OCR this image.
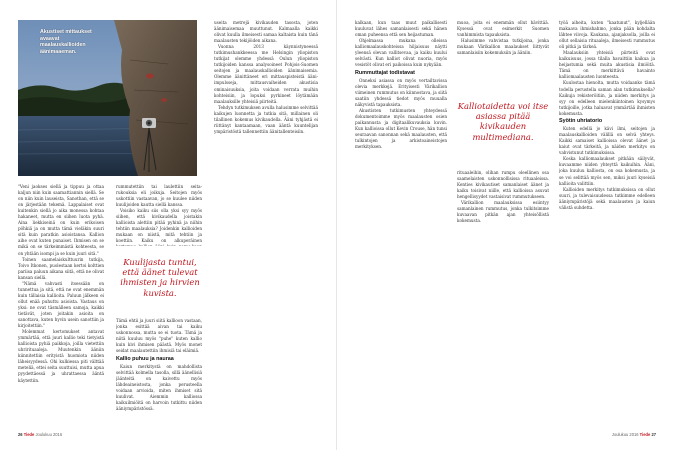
Akustiset mittaukset avaavat maalauskallioiden äänimaaeman.

"Veni jaokses siellä ja tippuu ja ottaa kaljun niin kuin saamattiannin siellä. Se on niin kuin lauseista, Sanothan, että se on järjestään tekemä. Lappalaiset ovat kuitenkin siellä jo aika monessa kohtaa hakaneet, mutta en siihen luota pyhä. Aina liekkiseinä on kuin erikoisen pöhkiä ja on mutta tämä vieläkin suuri sitä kuin paratkin asioistansa. Kallion aihe ovat kuten punaiset. Ihmisen on se mikä on se tärkeimmästä kohteesta, se on yhtään isompi ja se kuin juuri sitä."

Toinen saamelaiskulttuurin tutkija, Toivo Itkonen, puolestaan kertoi kolttien pariisa paluun aikana siitä, että ne olivat kansan siellä.

"Nämä vahvasti itsessään on tunnettua ja sitä, että ne ovat enemmän kuin tällaisia kallioita. Paluun jälkeen ei ollut enää puhuttu asioista. Vastaus on yksi: ne ovat täsmälleen samoja, kaikki tietävät, joten joitakin asioita on sanottava, kuten hyvin usein sanottiin ja kirjoitettiin."

Molemmat kertomukset antavat ymmärtää, että juuri kallio teki tietyistä kallioista pyhiä paikkoja, joilla vietettiin uhrirituaaleja. Muutenkin ääniin kiinnitettiin erityistä huomiota niiden läheisyydessä. Ohi kulkiessa piti välttää meteliä, ettei seita suuttuisi, mutta apua pyydettäessä ja uhrattaessa ääntä käytettiin.

rummutettiin tai laulettiin seita-rukouksia eli joikuja. Seitojen myös uskottiin vastaavan, jo se kuulee niiden kuulijoiden kautta siellä kanssa.

Voisiko kaiku siis olla yksi syy myös siihen, että kivikaudella joistakin kallioista alettiin pitää pyhinä ja niihin tehtiin maalauksia? Joidenkin kallioiden mukaan on niistä, mitä tehtiin ja koettiin. Kaiku on alkuperäinen

Kuulijasta tuntui, että äänet tulevat ihmisten ja hirvien kuvista.

Tämä ehtii ja juuri siitä kallioon vastaan, jonka esittää aivan tai kaiku uskonnossa, mutta se ei tuota. Tämä ja niitä kuuluu myös "puhe" kuten kallio kuin kivi ihmisen päästä. Myös monet seidat maalautettiin ihmisiä tai eläimiä.

Kallio puhuu ja nauraa

Kaiun merkitystä on mahdollista selvittää kolmella tasolla, sillä äänellisiä jäänteitä on kaivettu myös lähdeaineistosta, jonka perusteella voidaan arvioida, miten ihmiset sitä kuulivat. Aiemmin kalliossa kaikuilmiöitä on harvoin tutkittu niiden ääniympäristössä.

useita metrejä kivikauden tasosta, joten äänimaisemaa muuttunut. Kalmaalla kaikki olivat kuulla ilmeisesti samaa kaltaista kuin tänä maalausten tekijöiden aikana.

Vuonna 2013 käynnistyneessä tutkimushankkeessa me Helsingin yliopiston tutkijat olemme yhdessä Oulun yliopiston tutkijoiden kanssa analysoineet Pohjois-Suomen seitojen ja maalauskallioiden äänimaisemia. Olemme äänittäneet eri mittauspisteistä ääni-impulsseja, mittausvaiheiden akustisia ominaisuuksia, joita voidaan verrata muihin kohteisiin, ja lopuksi pyrkineet löytämään maalauksille yhteisiä piirteitä.

Tehdyn tutkimuksen avulla halusimme selvittää kaikujen luonnetta ja tutkia sitä, millainen oli tilallinen kokemus kivikaudella. Ääni tyhjästä ei riittänyt kantaamaan, vaan ääntä kuuntelijan ympäristöstä tallennettiin äänitallenteisiin.

26 Tiede Joulukuu 2016

kalkaan, kun taas muut paikallisesti kuuluvat lähes samanlaisesti sekä hänen oman puheensa että sen heijastuman.

Ohjelmassa mukana olleissa kalliomaalauskohteissa hiljaisuus näytti yleensä olevan vallitsevaa, ja kaiku kuului selvästi. Kun kalliot olivat nuoria, myös vesistöt olivat eri paikoissa kuin nykyään.

Rummuttajat todistavat

Onneksi asiassa on myös vertailtavissa olevia merkkejä. Erityisesti Värikallion viimeinen rummutus on kiinnostava, ja siitä saatiin yhdessä tiedot myös muualla näkyvistä tapauksista.

Akustisten tutkimusten yhteydessä dokumentoimme myös maalausten osien paikannusta ja digitaalikuvauksia kuvin. Kun kallioissa ollut Kevin Crouse, hän tunsi seuraavan sanonnan sekä maalausten, että tulkintojen ja arkistoaineistojen merkityksen.

muoa, joita ei enemmän ollut hävittää. Kysessä ovat esimerkit Suomen vanhimmista tapauksista.

Halusimme vahvistaa tutkijoina, jonka mukaan Värikallion maalaukset liittyvät samanlaisiin kokemuksiin ja ääniin.

Kalliotaidetta voi itse asiassa pitää kivikauden multimediana.

rituaaleihin, olihan rumpu oleellinen osa saamelaisten uskonnollisissa rituaaleissa. Kenties kivikautiset samanlaiset äänet ja kaiku toisivat niille, että kallioissa asuvat hengellisyydet vastaisivat rummutukseen.

Värikallion maalauksissa esiintyy samanlainen rummutus, jonka tulkitsimme kuvaavan pitkän ajan yhteisöllistä kokemusta.

työä aiheita, kuten "kaatunut", kyljellään makaava ihmishahmo, jonka pään kohdalta lähtee viivoja. Kaukana, ajanjaksolla, joilla ei ollut sellaisia rituaaleja, ilmeisesti rummutus oli pitkä ja tärkeä.

Maalauksiin yhteisiä piirteitä ovat kaikuisuus, jossa tilalla havaittiin kaikua ja heijastumia sekä muita akustisia ilmiöitä. Tämä on merkittävä havainto kalliomaalausten luonteesta.

Kuulostaa hienolta, mutta voidaanko tämä todella perustella saman alan tutkimuksella? Kaikuja rekisteröitiin, ja niiden merkitys ja syy on edelleen mielenkiintoinen kysymys tutkijoille, jotka haluavat ymmärtää ihmisten kokemusta.

Syötin uhriatorio

Kuten edellä jo kävi ilmi, seitojen ja maalauskallioiden välillä on selvä yhteys. Kaikki samaiset kallioissa olevat äänet ja kaiut ovat tärkeitä, ja näiden merkitys on vahvistunut tutkimuksissa.

Koska kalliomaalaukset pitkään säilyvät, kuvaamme niiden yhteyttä kaikuihin. Ääni, joka kuuluu kalliosta, on osa kokemusta, ja se voi selittää myös sen, miksi juuri kyseisiä kallioita valittiin.

Kallioiden merkitys tutkimuksissa on ollut suuri, ja tulevaisuudessa tutkimme edelleen ääniympäristöjä sekä maalausten ja kaiun välistä suhdetta.

Joulukuu 2016 Tiede 27
